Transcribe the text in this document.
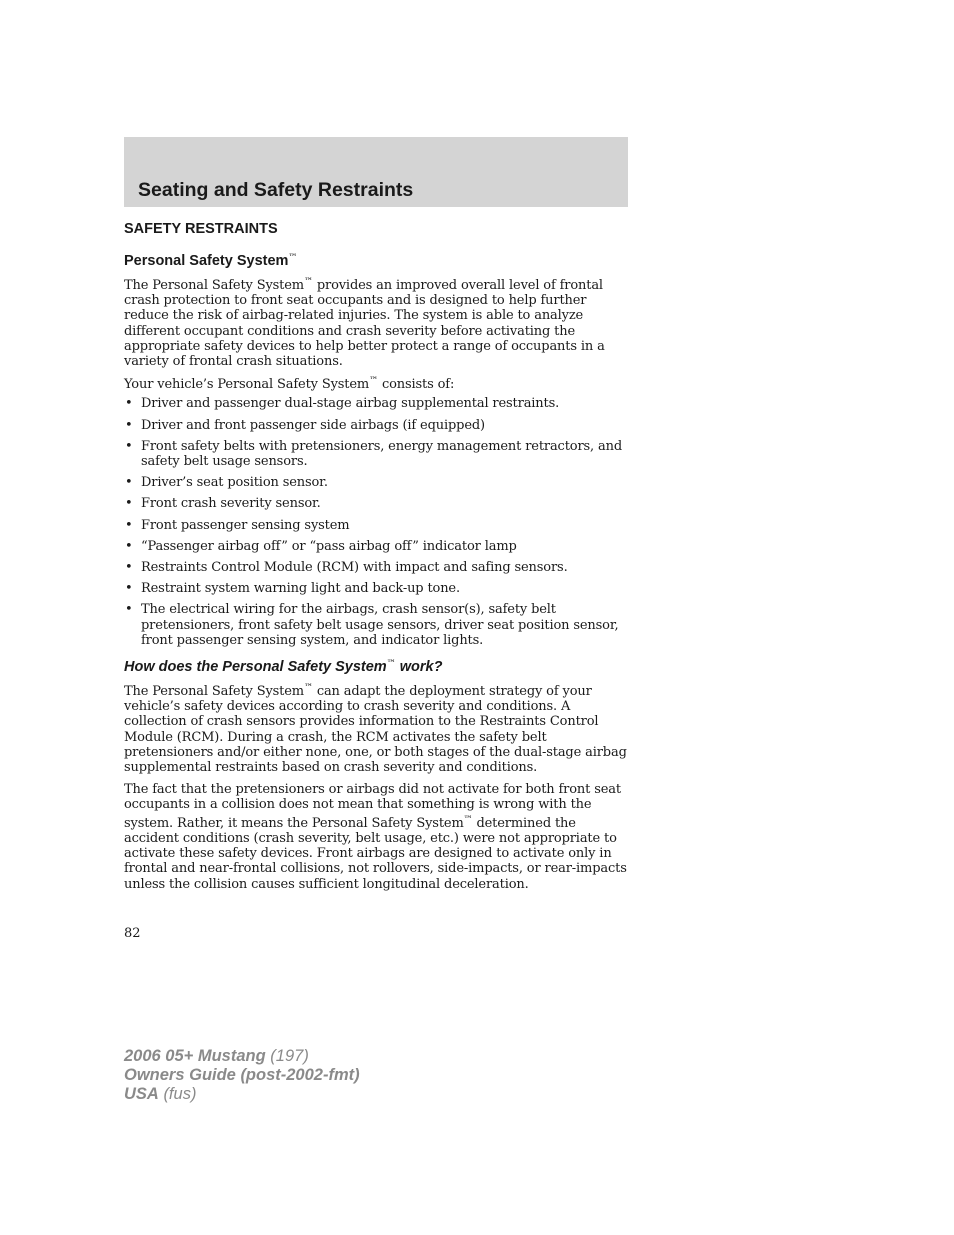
Seating and Safety Restraints
SAFETY RESTRAINTS
Personal Safety System™

The Personal Safety System™ provides an improved overall level of frontal crash protection to front seat occupants and is designed to help further reduce the risk of airbag-related injuries. The system is able to analyze different occupant conditions and crash severity before activating the appropriate safety devices to help better protect a range of occupants in a variety of frontal crash situations.

Your vehicle’s Personal Safety System™ consists of:

• Driver and passenger dual-stage airbag supplemental restraints.
• Driver and front passenger side airbags (if equipped)
• Front safety belts with pretensioners, energy management retractors, and safety belt usage sensors.
• Driver’s seat position sensor.
• Front crash severity sensor.
• Front passenger sensing system
• “Passenger airbag off” or “pass airbag off” indicator lamp
• Restraints Control Module (RCM) with impact and safing sensors.
• Restraint system warning light and back-up tone.
• The electrical wiring for the airbags, crash sensor(s), safety belt pretensioners, front safety belt usage sensors, driver seat position sensor, front passenger sensing system, and indicator lights.
How does the Personal Safety System™ work?

The Personal Safety System™ can adapt the deployment strategy of your vehicle’s safety devices according to crash severity and conditions. A collection of crash sensors provides information to the Restraints Control Module (RCM). During a crash, the RCM activates the safety belt pretensioners and/or either none, one, or both stages of the dual-stage airbag supplemental restraints based on crash severity and conditions.

The fact that the pretensioners or airbags did not activate for both front seat occupants in a collision does not mean that something is wrong with the system. Rather, it means the Personal Safety System™ determined the accident conditions (crash severity, belt usage, etc.) were not appropriate to activate these safety devices. Front airbags are designed to activate only in frontal and near-frontal collisions, not rollovers, side-impacts, or rear-impacts unless the collision causes sufficient longitudinal deceleration.

82

2006 05+ Mustang (197)
Owners Guide (post-2002-fmt)
USA (fus)
